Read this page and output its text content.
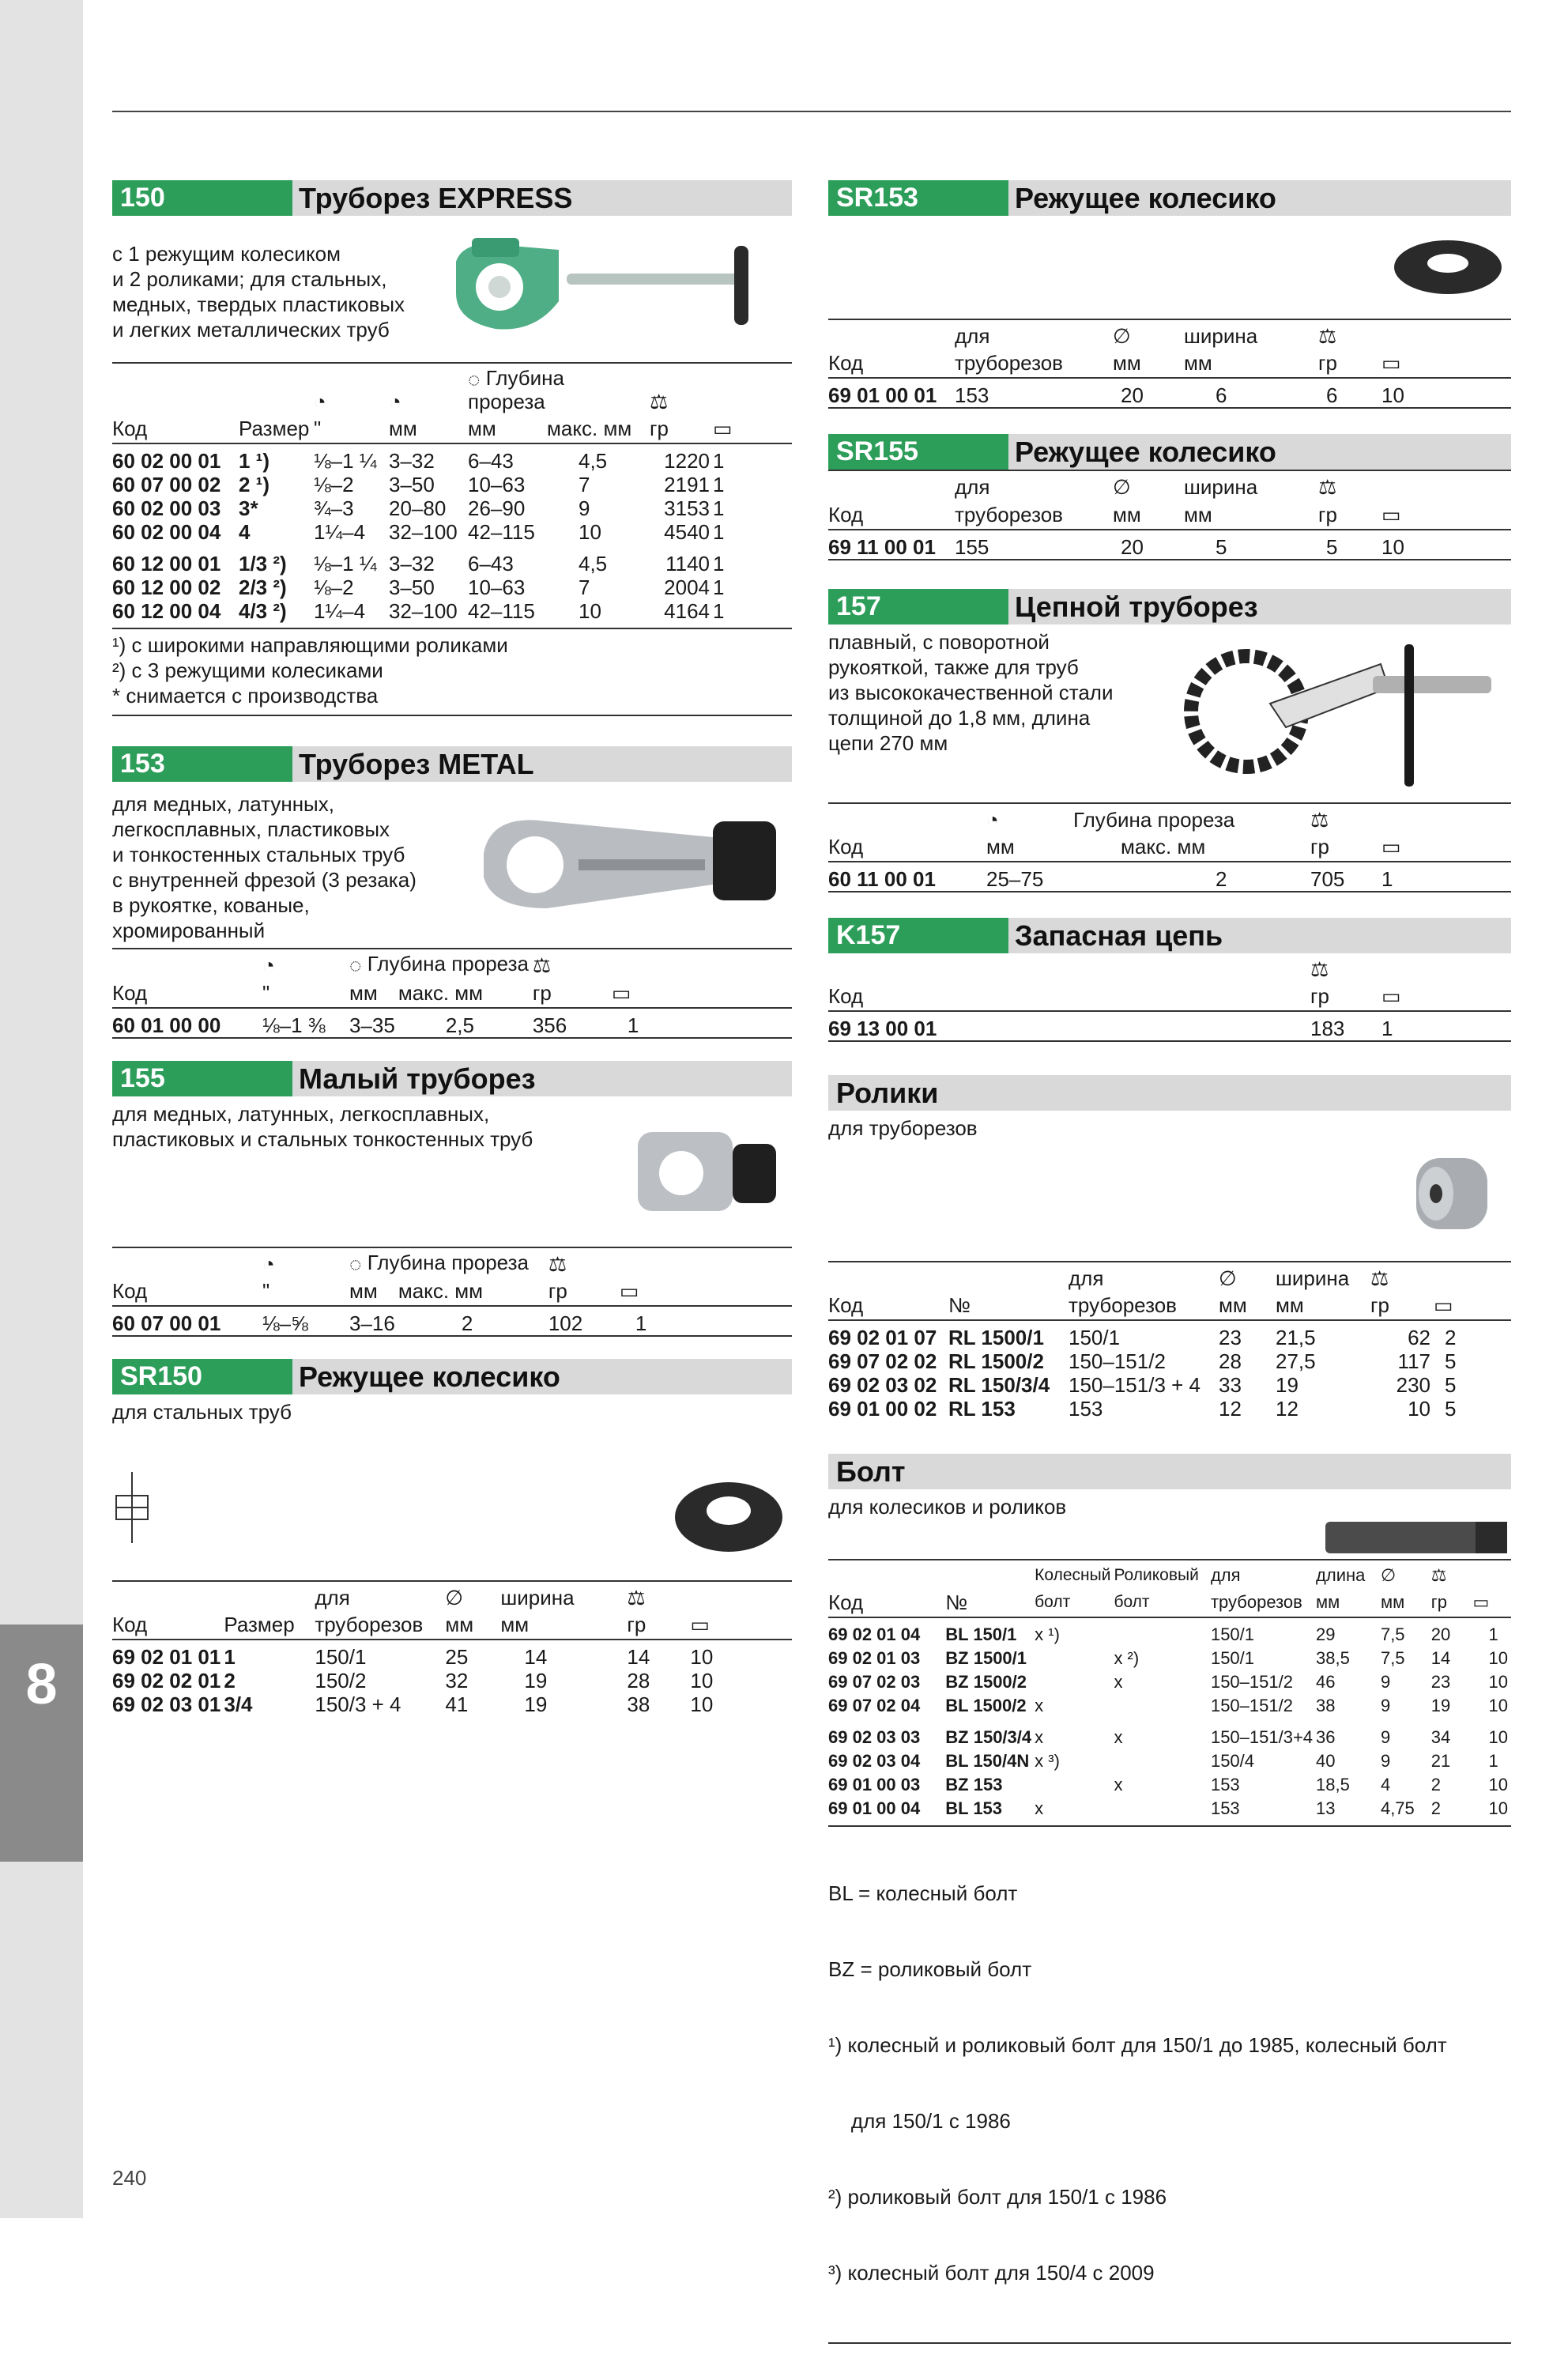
8
240
150	Труборез EXPRESS
с 1 режущим колесиком
и 2 роликами; для стальных,
медных, твердых пластиковых
и легких металлических труб
		◔	◔	◌ Глубина прореза		⚖	
Код	Размер	"	мм	мм	макс. мм	гр	▭
60 02 00 01	1 ¹)	⅛–1 ¼	3–32	6–43	4,5	1220	1
60 07 00 02	2 ¹)	⅛–2	3–50	10–63	7	2191	1
60 02 00 03	3*	¾–3	20–80	26–90	9	3153	1
60 02 00 04	4	1¼–4	32–100	42–115	10	4540	1
60 12 00 01	1/3 ²)	⅛–1 ¼	3–32	6–43	4,5	1140	1
60 12 00 02	2/3 ²)	⅛–2	3–50	10–63	7	2004	1
60 12 00 04	4/3 ²)	1¼–4	32–100	42–115	10	4164	1
¹) с широкими направляющими роликами
²) с 3 режущими колесиками
* снимается с производства
153	Труборез METAL
для медных, латунных,
легкосплавных, пластиковых
и тонкостенных стальных труб
с внутренней фрезой (3 резака)
в рукоятке, кованые,
хромированный
	◔	◌ Глубина прореза		⚖	
Код	"	мм	макс. мм	гр	▭
60 01 00 00	⅛–1 ⅜	3–35	2,5	356	1

155	Малый труборез
для медных, латунных, легкосплавных,
пластиковых и стальных тонкостенных труб
	◔	◌ Глубина прореза		⚖	
Код	"	мм	макс. мм	гр	▭
60 07 00 01	⅛–⅝	3–16	2	102	1

SR150	Режущее колесико
для стальных труб
		для	∅	ширина	⚖	
Код	Размер	труборезов	мм	мм	гр	▭
69 02 01 01	1	150/1	25	14	14	10
69 02 02 01	2	150/2	32	19	28	10
69 02 03 01	3/4	150/3 + 4	41	19	38	10
SR153	Режущее колесико
	для	∅	ширина	⚖	
Код	труборезов	мм	мм	гр	▭
69 01 00 01	153	20	6	6	10

SR155	Режущее колесико
	для	∅	ширина	⚖	
Код	труборезов	мм	мм	гр	▭
69 11 00 01	155	20	5	5	10

157	Цепной труборез
плавный, с поворотной
рукояткой, также для труб
из высококачественной стали
толщиной до 1,8 мм, длина
цепи 270 мм
	◔	Глубина прореза	⚖	
Код	мм	макс. мм	гр	▭
60 11 00 01	25–75	2	705	1

K157	Запасная цепь
	⚖	
Код	гр	▭
69 13 00 01	183	1

Ролики
для труборезов
		для	∅	ширина	⚖	
Код	№	труборезов	мм	мм	гр	▭
69 02 01 07	RL 1500/1	150/1	23	21,5	62	2
69 07 02 02	RL 1500/2	150–151/2	28	27,5	117	5
69 02 03 02	RL 150/3/4	150–151/3 + 4	33	19	230	5
69 01 00 02	RL 153	153	12	12	10	5

Болт
для колесиков и роликов
		Колесный	Роликовый	для	длина	∅	⚖	
Код	№	болт	болт	труборезов	мм	мм	гр	▭
69 02 01 04	BL 150/1	x ¹)		150/1	29	7,5	20	1
69 02 01 03	BZ 1500/1		x ²)	150/1	38,5	7,5	14	10
69 07 02 03	BZ 1500/2		x	150–151/2	46	9	23	10
69 07 02 04	BL 1500/2	x		150–151/2	38	9	19	10
69 02 03 03	BZ 150/3/4	x	x	150–151/3+4	36	9	34	10
69 02 03 04	BL 150/4N	x ³)		150/4	40	9	21	1
69 01 00 03	BZ 153		x	153	18,5	4	2	10
69 01 00 04	BL 153	x		153	13	4,75	2	10

BL = колесный болт

BZ = роликовый болт

¹) колесный и роликовый болт для 150/1 до 1985, колесный болт

для 150/1 с 1986

²) роликовый болт для 150/1 с 1986

³) колесный болт для 150/4 с 2009
